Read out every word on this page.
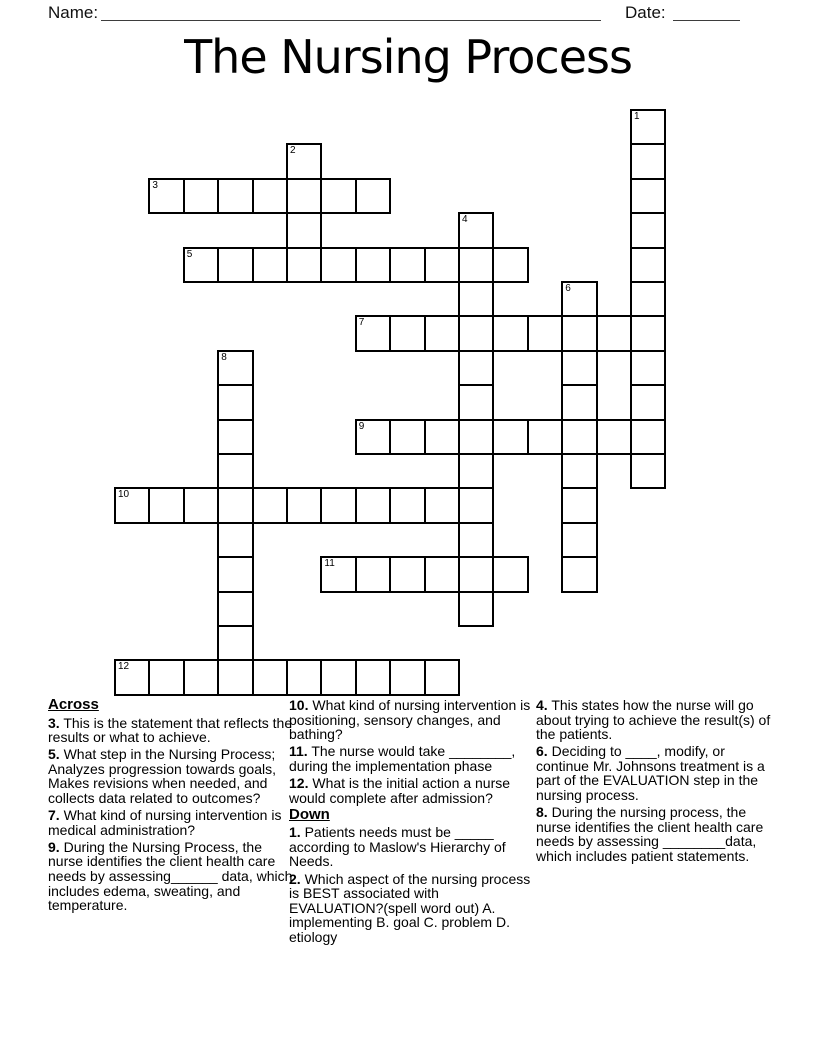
Name:	Date:
The Nursing Process
1
2
3
4
5
6
7
8
9
10
11
12
Across

3. This is the statement that reflects the results or what to achieve.

5. What step in the Nursing Process; Analyzes progression towards goals, Makes revisions when needed, and collects data related to outcomes?

7. What kind of nursing intervention is medical administration?

9. During the Nursing Process, the nurse identifies the client health care needs by assessing______ data, which includes edema, sweating, and temperature.

10. What kind of nursing intervention is positioning, sensory changes, and bathing?

11. The nurse would take ________, during the implementation phase

12. What is the initial action a nurse would complete after admission?

Down

1. Patients needs must be _____ according to Maslow's Hierarchy of Needs.

2. Which aspect of the nursing process is BEST associated with EVALUATION?(spell word out) A. implementing B. goal C. problem D. etiology

4. This states how the nurse will go about trying to achieve the result(s) of the patients.

6. Deciding to ____, modify, or continue Mr. Johnsons treatment is a part of the EVALUATION step in the nursing process.

8. During the nursing process, the nurse identifies the client health care needs by assessing ________data, which includes patient statements.
